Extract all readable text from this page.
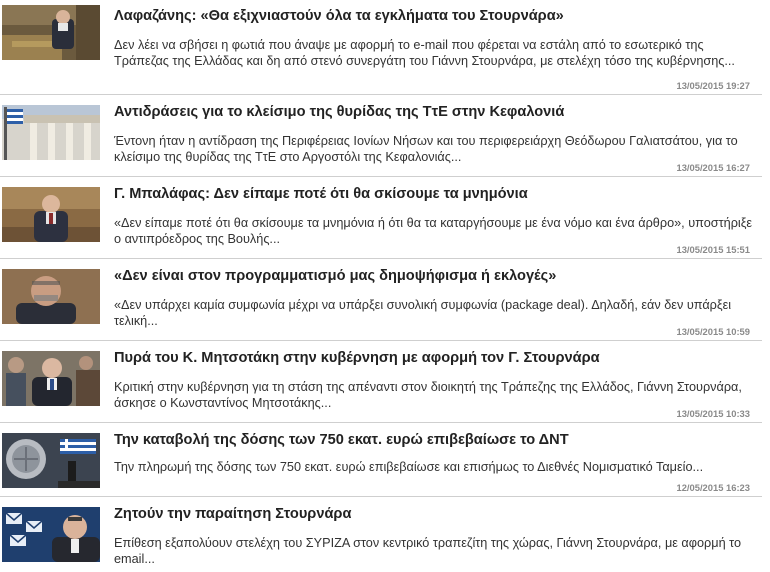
Λαφαζάνης: «Θα εξιχνιαστούν όλα τα εγκλήματα του Στουρνάρα»
Δεν λέει να σβήσει η φωτιά που άναψε με αφορμή το e-mail που φέρεται να εστάλη από το εσωτερικό της Τράπεζας της Ελλάδας και δη από στενό συνεργάτη του Γιάννη Στουρνάρα, με στελέχη τόσο της κυβέρνησης...
13/05/2015 19:27
Αντιδράσεις για το κλείσιμο της θυρίδας της ΤτΕ στην Κεφαλονιά
Έντονη ήταν η αντίδραση της Περιφέρειας Ιονίων Νήσων και του περιφερειάρχη Θεόδωρου Γαλιατσάτου, για το κλείσιμο της θυρίδας της ΤτΕ στο Αργοστόλι της Κεφαλονιάς...
13/05/2015 16:27
Γ. Μπαλάφας: Δεν είπαμε ποτέ ότι θα σκίσουμε τα μνημόνια
«Δεν είπαμε ποτέ ότι θα σκίσουμε τα μνημόνια ή ότι θα τα καταργήσουμε με ένα νόμο και ένα άρθρο», υποστήριξε ο αντιπρόεδρος της Βουλής...
13/05/2015 15:51
«Δεν είναι στον προγραμματισμό μας δημοψήφισμα ή εκλογές»
«Δεν υπάρχει καμία συμφωνία μέχρι να υπάρξει συνολική συμφωνία (package deal). Δηλαδή, εάν δεν υπάρξει τελική...
13/05/2015 10:59
Πυρά του Κ. Μητσοτάκη στην κυβέρνηση με αφορμή τον Γ. Στουρνάρα
Κριτική στην κυβέρνηση για τη στάση της απέναντι στον διοικητή της Τράπεζης της Ελλάδος, Γιάννη Στουρνάρα, άσκησε ο Κωνσταντίνος Μητσοτάκης...
13/05/2015 10:33
Την καταβολή της δόσης των 750 εκατ. ευρώ επιβεβαίωσε το ΔΝΤ
Την πληρωμή της δόσης των 750 εκατ. ευρώ επιβεβαίωσε και επισήμως το Διεθνές Νομισματικό Ταμείο...
12/05/2015 16:23
Ζητούν την παραίτηση Στουρνάρα
Επίθεση εξαπολύουν στελέχη του ΣΥΡΙΖΑ στον κεντρικό τραπεζίτη της χώρας, Γιάννη Στουρνάρα, με αφορμή το email...
